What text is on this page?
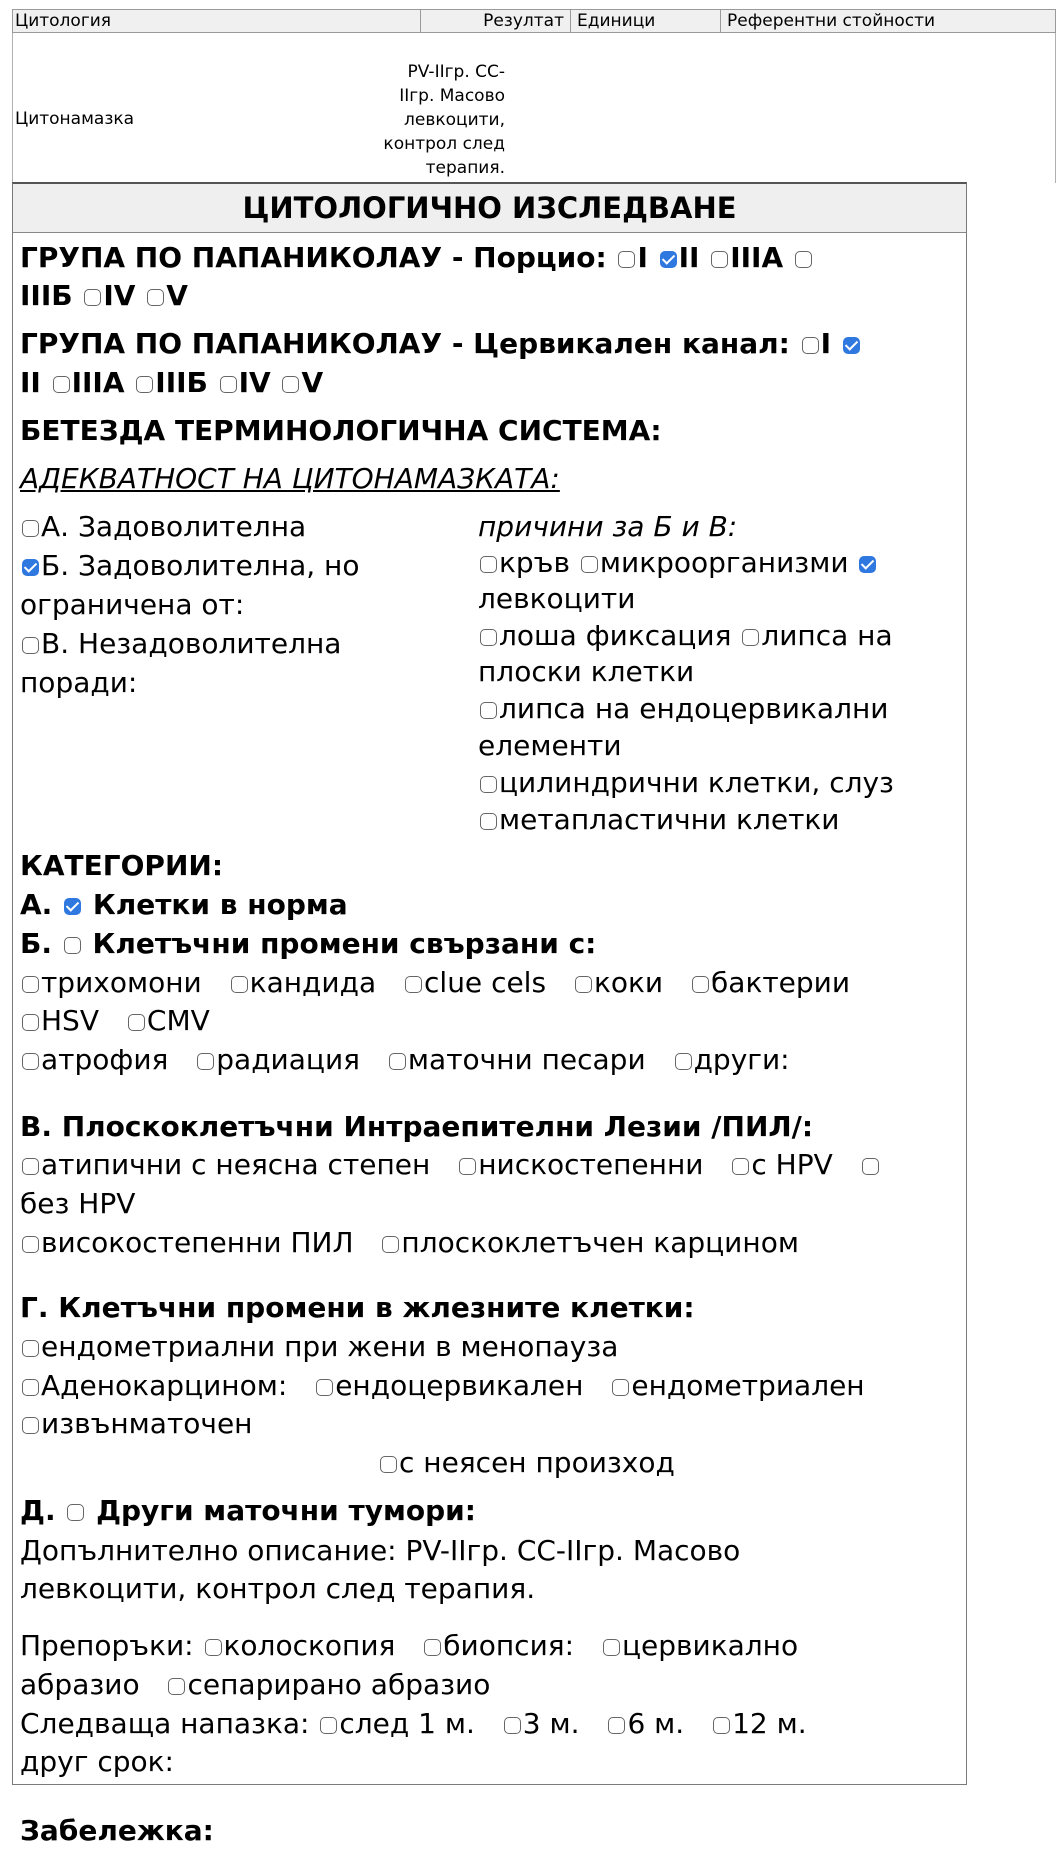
Цитология	Резултат Единици	Референтни стойности
Цитонамазка
PV-IIгр. CC-
IIгр. Масово
левкоцити,
контрол след
терапия.
ЦИТОЛОГИЧНО ИЗСЛЕДВАНЕ
ГРУПА ПО ПАПАНИКОЛАУ - Порцио: I II IIIA
IIIБ IV V
ГРУПА ПО ПАПАНИКОЛАУ - Цервикален канал: I
II IIIA IIIБ IV V
БЕТЕЗДА ТЕРМИНОЛОГИЧНА СИСТЕМА:
АДЕКВАТНОСТ НА ЦИТОНАМАЗКАТА:
А. Задоволителна
Б. Задоволителна, но
ограничена от:
В. Незадоволителна
поради:
причини за Б и В:
кръв микроорганизми
левкоцити
лоша фиксация липса на
плоски клетки
липса на ендоцервикални
елементи
цилиндрични клетки, слуз
метапластични клетки
КАТЕГОРИИ:
А. Клетки в норма
Б. Клетъчни промени свързани с:
трихомони кандида clue cels коки бактерии
HSV CMV
атрофия радиация маточни песари други:
В. Плоскоклетъчни Интраепителни Лезии /ПИЛ/:
атипични с неясна степен нискостепенни с HPV
без HPV
високостепенни ПИЛ плоскоклетъчен карцином
Г. Клетъчни промени в жлезните клетки:
ендометриални при жени в менопауза
Аденокарцином: ендоцервикален ендометриален
извънматочен
с неясен произход
Д. Други маточни тумори:
Допълнително описание: PV-IIгр. CC-IIгр. Масово
левкоцити, контрол след терапия.
Препоръки: колоскопия биопсия: цервикално
абразио сепарирано абразио
Следваща напазка: след 1 м. 3 м. 6 м. 12 м.
друг срок:
Забележка:
